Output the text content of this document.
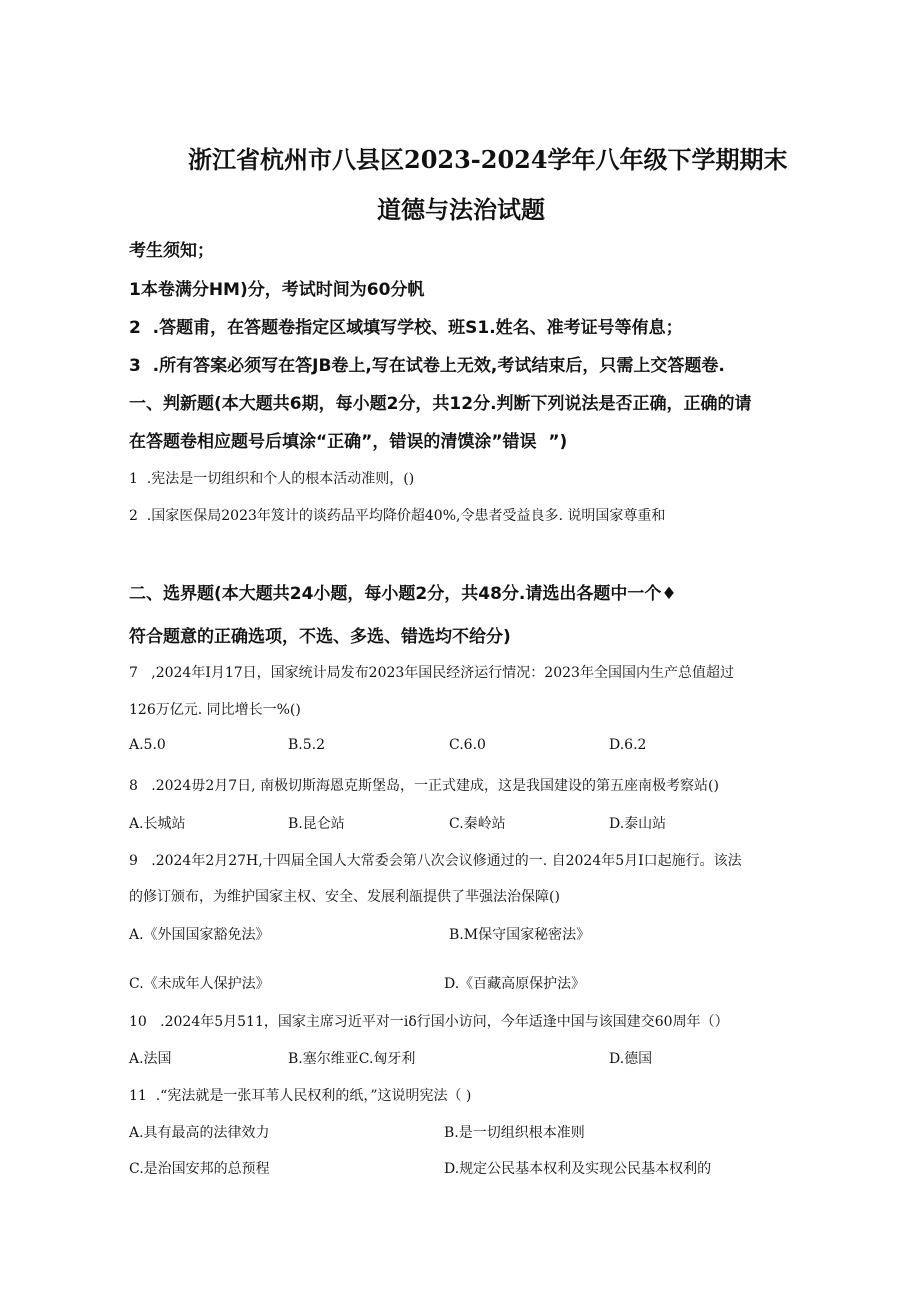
浙江省杭州市八县区2023-2024学年八年级下学期期末
道德与法治试题
考生须知；
1本卷满分HM)分，考试时间为60分帆
2  .答题甫，在答题卷指定区域填写学校、班S1.姓名、准考证号等侑息；
3  .所有答案必须写在答JB卷上,写在试卷上无效,考试结束后，只需上交答题卷.
一、判新题(本大题共6期，每小题2分，共12分.判断下列说法是否正确，正确的请
在答题卷相应题号后填涂“正确”，错误的清馍涂”错误  ”)
1  .宪法是一切组织和个人的根本活动准则，()
2  .国家医保局2023年笈计的谈药品平均降价超40%,令患者受益良多. 说明国家尊重和
二、选界题(本大题共24小题，每小题2分，共48分.请选出各题中一个♦
符合题意的正确选项，不选、多选、错选均不给分)
7   ,2024年I月17日，国家统计局发布2023年国民经济运行情况：2023年全国国内生产总值超过
126万亿元. 同比增长一%()
A.5.0	B.5.2	C.6.0	D.6.2
8   .2024毋2月7日, 南极切斯海恩克斯堡岛，一正式建成，这是我国建设的第五座南极考察站()
A.长城站	B.昆仑站	C.秦岭站	D.泰山站
9   .2024年2月27H,十四届全国人大常委会第八次会议修通过的一. 自2024年5月I口起施行。该法
的修订颁布，为维护国家主权、安全、发展利瓿提供了芈强法治保障()
A.《外国国家豁免法》	B.M保守国家秘密法》
C.《未成年人保护法》	D.《百藏高原保护法》
10   .2024年5月511，国家主席习近平对一iδ行国小访问，今年适逢中国与该国建交60周年（）
A.法国	B.塞尔维亚C.匈牙利	D.德国
11  .“宪法就是一张耳苇人民权利的纸，”这说明宪法（ )
A.具有最高的法律效力	B.是一切组织根本准则
C.是治国安邦的总预程	D.规定公民基本权利及实现公民基本权利的
